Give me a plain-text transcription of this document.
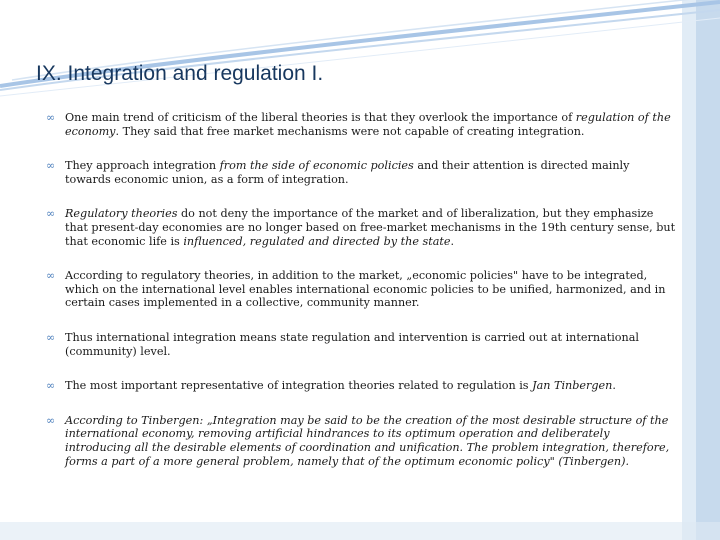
IX. Integration and regulation I.
∞ One main trend of criticism of the liberal theories is that they overlook the importance of regulation of the economy. They said that free market mechanisms were not capable of creating integration.
∞ They approach integration from the side of economic policies and their attention is directed mainly towards economic union, as a form of integration.
∞ Regulatory theories do not deny the importance of the market and of liberalization, but they emphasize that present-day economies are no longer based on free-market mechanisms in the 19th century sense, but that economic life is influenced, regulated and directed by the state.
∞ According to regulatory theories, in addition to the market, „economic policies" have to be integrated, which on the international level enables international economic policies to be unified, harmonized, and in certain cases implemented in a collective, community manner.
∞ Thus international integration means state regulation and intervention is carried out at international (community) level.
∞ The most important representative of integration theories related to regulation is Jan Tinbergen.
∞ According to Tinbergen: „Integration may be said to be the creation of the most desirable structure of the international economy, removing artificial hindrances to its optimum operation and deliberately introducing all the desirable elements of coordination and unification. The problem integration, therefore, forms a part of a more general problem, namely that of the optimum economic policy" (Tinbergen).
